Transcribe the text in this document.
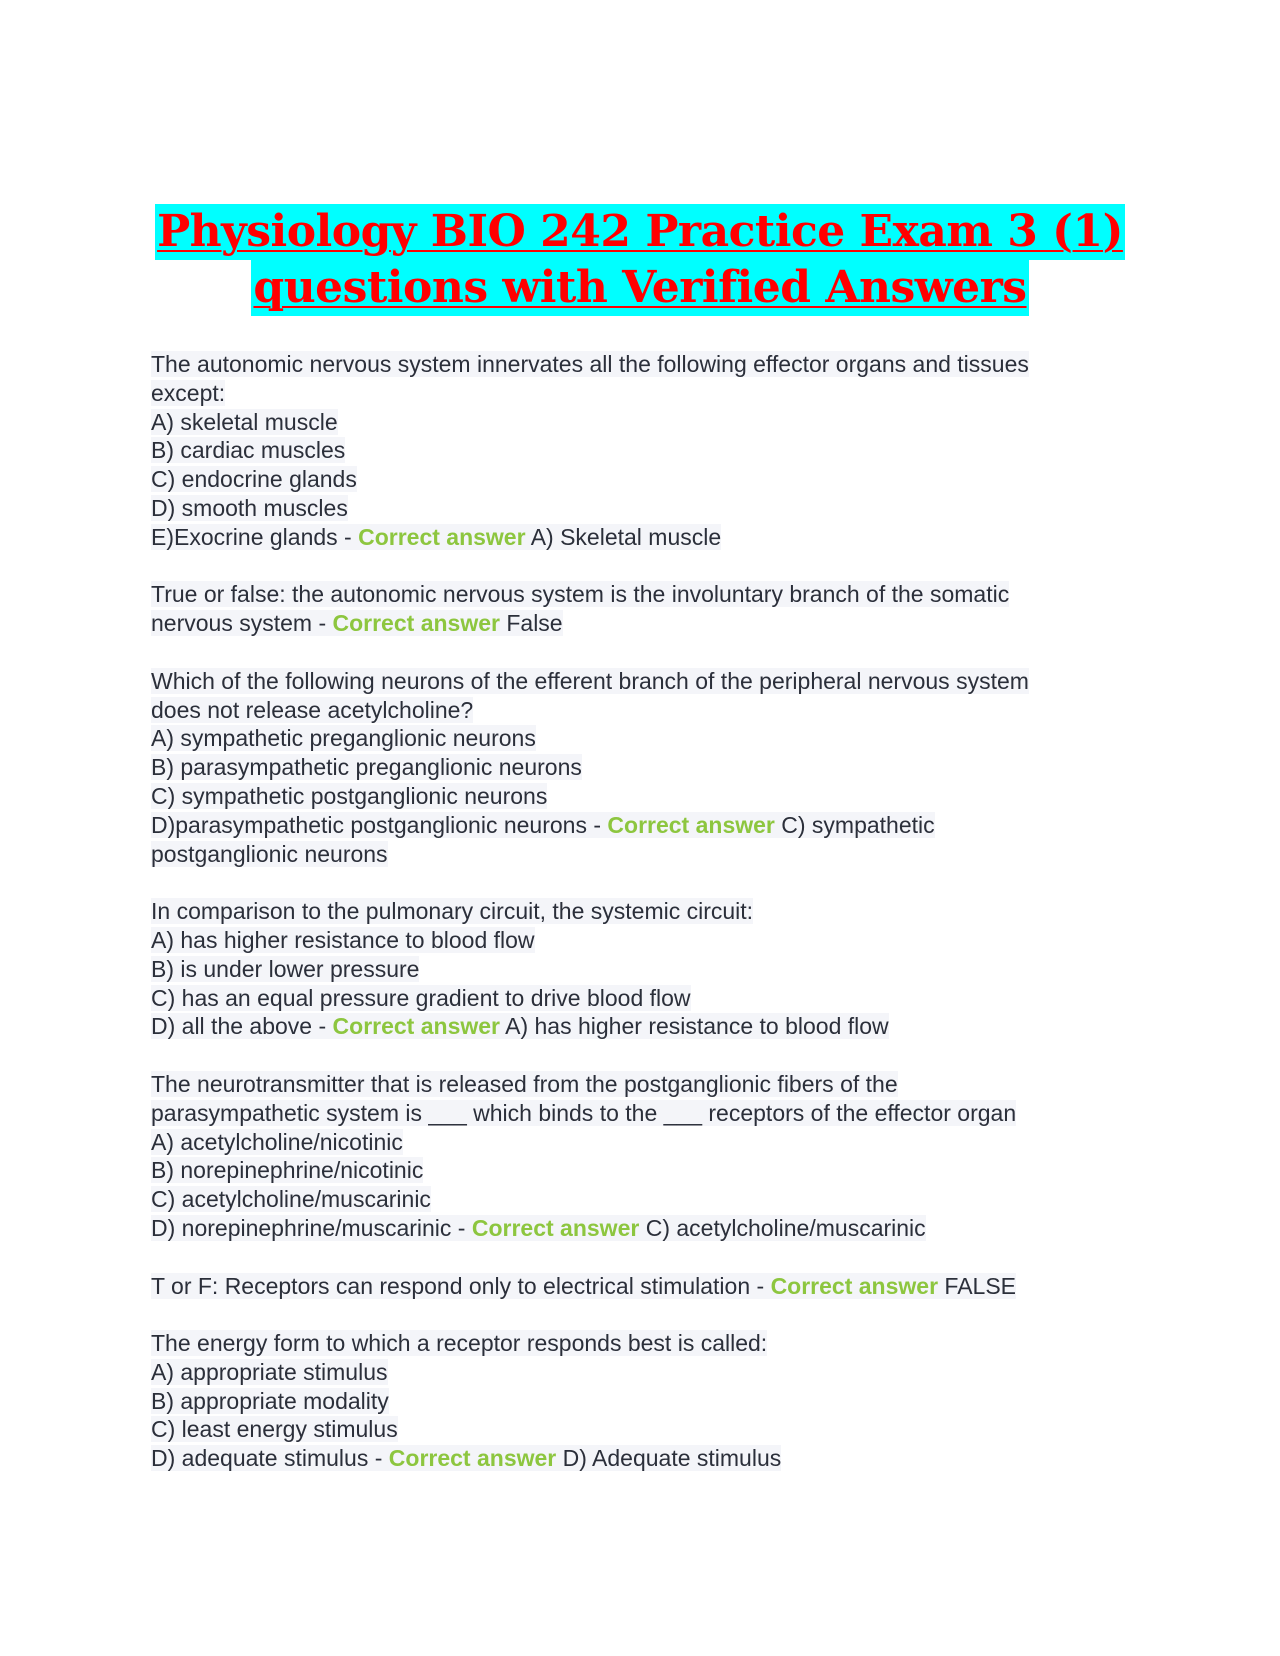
Physiology BIO 242 Practice Exam 3 (1)
questions with Verified Answers
The autonomic nervous system innervates all the following effector organs and tissues
except:
A) skeletal muscle
B) cardiac muscles
C) endocrine glands
D) smooth muscles
E)Exocrine glands - Correct answer A) Skeletal muscle
True or false: the autonomic nervous system is the involuntary branch of the somatic
nervous system - Correct answer False
Which of the following neurons of the efferent branch of the peripheral nervous system
does not release acetylcholine?
A) sympathetic preganglionic neurons
B) parasympathetic preganglionic neurons
C) sympathetic postganglionic neurons
D)parasympathetic postganglionic neurons - Correct answer C) sympathetic
postganglionic neurons
In comparison to the pulmonary circuit, the systemic circuit:
A) has higher resistance to blood flow
B) is under lower pressure
C) has an equal pressure gradient to drive blood flow
D) all the above - Correct answer A) has higher resistance to blood flow
The neurotransmitter that is released from the postganglionic fibers of the
parasympathetic system is ___ which binds to the ___ receptors of the effector organ
A) acetylcholine/nicotinic
B) norepinephrine/nicotinic
C) acetylcholine/muscarinic
D) norepinephrine/muscarinic - Correct answer C) acetylcholine/muscarinic
T or F: Receptors can respond only to electrical stimulation - Correct answer FALSE
The energy form to which a receptor responds best is called:
A) appropriate stimulus
B) appropriate modality
C) least energy stimulus
D) adequate stimulus - Correct answer D) Adequate stimulus
